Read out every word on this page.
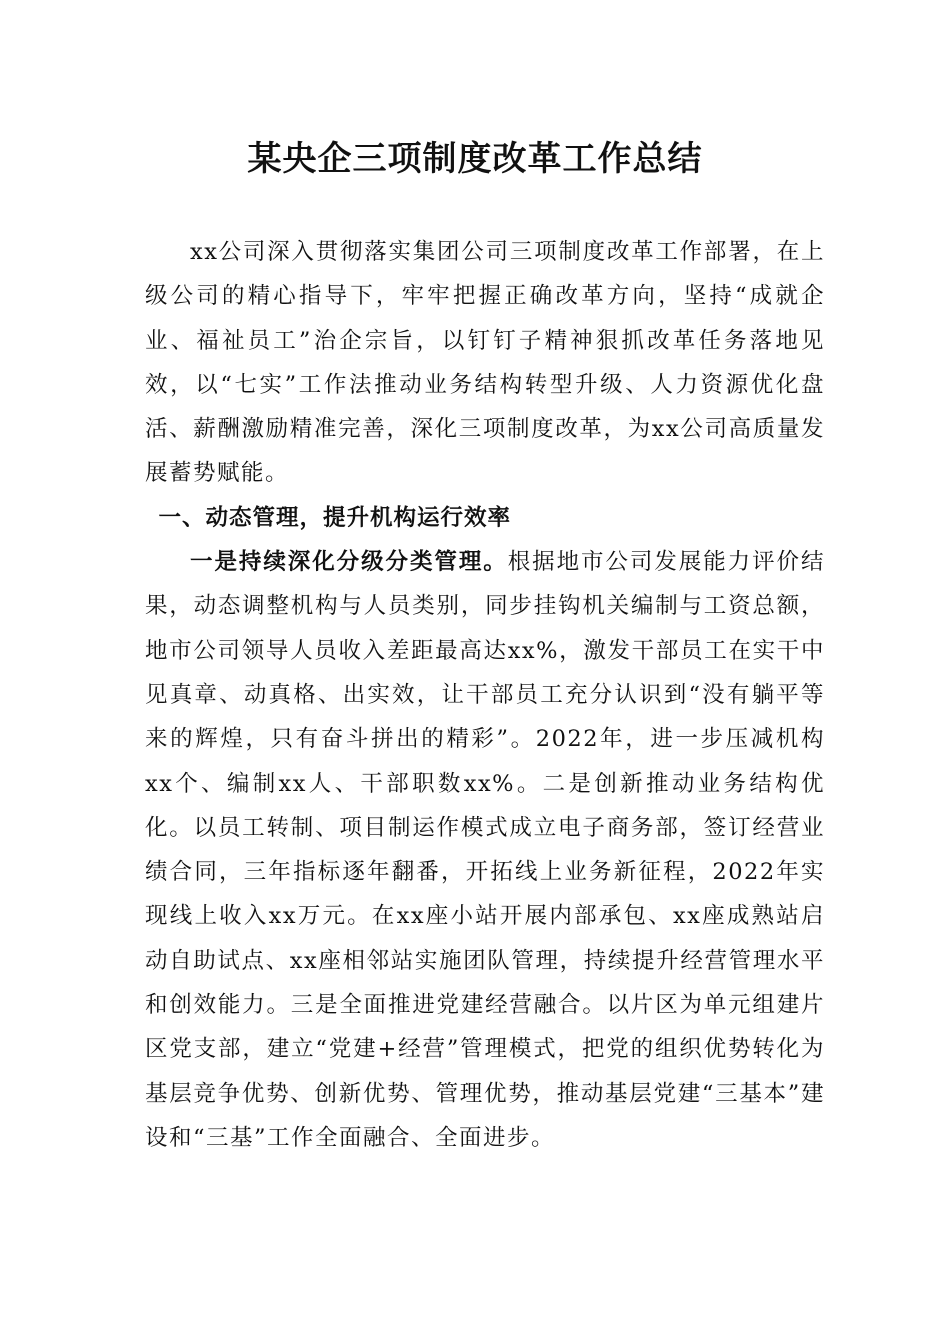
某央企三项制度改革工作总结

xx公司深入贯彻落实集团公司三项制度改革工作部署，在上级公司的精心指导下，牢牢把握正确改革方向，坚持“成就企业、福祉员工”治企宗旨，以钉钉子精神狠抓改革任务落地见效，以“七实”工作法推动业务结构转型升级、人力资源优化盘活、薪酬激励精准完善，深化三项制度改革，为xx公司高质量发展蓄势赋能。

一、动态管理，提升机构运行效率

一是持续深化分级分类管理。根据地市公司发展能力评价结果，动态调整机构与人员类别，同步挂钩机关编制与工资总额，地市公司领导人员收入差距最高达xx%，激发干部员工在实干中见真章、动真格、出实效，让干部员工充分认识到“没有躺平等来的辉煌，只有奋斗拼出的精彩”。2022年，进一步压减机构xx个、编制xx人、干部职数xx%。二是创新推动业务结构优化。以员工转制、项目制运作模式成立电子商务部，签订经营业绩合同，三年指标逐年翻番，开拓线上业务新征程，2022年实现线上收入xx万元。在xx座小站开展内部承包、xx座成熟站启动自助试点、xx座相邻站实施团队管理，持续提升经营管理水平和创效能力。三是全面推进党建经营融合。以片区为单元组建片区党支部，建立“党建+经营”管理模式，把党的组织优势转化为基层竞争优势、创新优势、管理优势，推动基层党建“三基本”建设和“三基”工作全面融合、全面进步。
